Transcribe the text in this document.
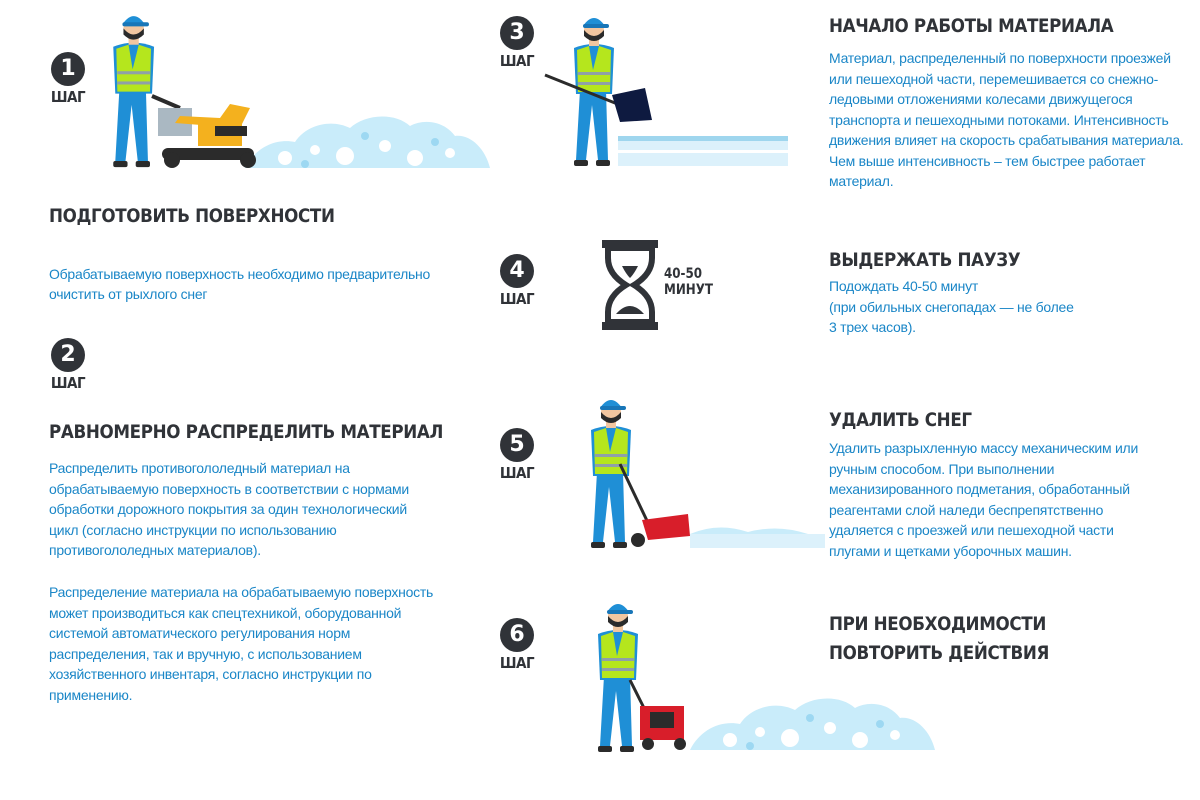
1
ШАГ
ПОДГОТОВИТЬ ПОВЕРХНОСТИ

Обрабатываемую поверхность необходимо предварительно
очистить от рыхлого снег

2
ШАГ
РАВНОМЕРНО РАСПРЕДЕЛИТЬ МАТЕРИАЛ
Распределить противогололедный материал на
обрабатываемую поверхность в соответствии с нормами
обработки дорожного покрытия за один технологический
цикл (согласно инструкции по использованию
противогололедных материалов).
Распределение материала на обрабатываемую поверхность
может производиться как спецтехникой, оборудованной
системой автоматического регулирования норм
распределения, так и вручную, с использованием
хозяйственного инвентаря, согласно инструкции по
применению.
3
ШАГ
НАЧАЛО РАБОТЫ МАТЕРИАЛА
Материал, распределенный по поверхности проезжей
или пешеходной части, перемешивается со снежно-
ледовыми отложениями колесами движущегося
транспорта и пешеходными потоками. Интенсивность
движения влияет на скорость срабатывания материала.
Чем выше интенсивность – тем быстрее работает
материал.
4
ШАГ
40-50
МИНУТ
ВЫДЕРЖАТЬ ПАУЗУ
Подождать 40-50 минут
(при обильных снегопадах — не более
3 трех часов).
5
ШАГ
УДАЛИТЬ СНЕГ
Удалить разрыхленную массу механическим или
ручным способом. При выполнении
механизированного подметания, обработанный
реагентами слой наледи беспрепятственно
удаляется с проезжей или пешеходной части
плугами и щетками уборочных машин.
6
ШАГ
ПРИ НЕОБХОДИМОСТИ
ПОВТОРИТЬ ДЕЙСТВИЯ
